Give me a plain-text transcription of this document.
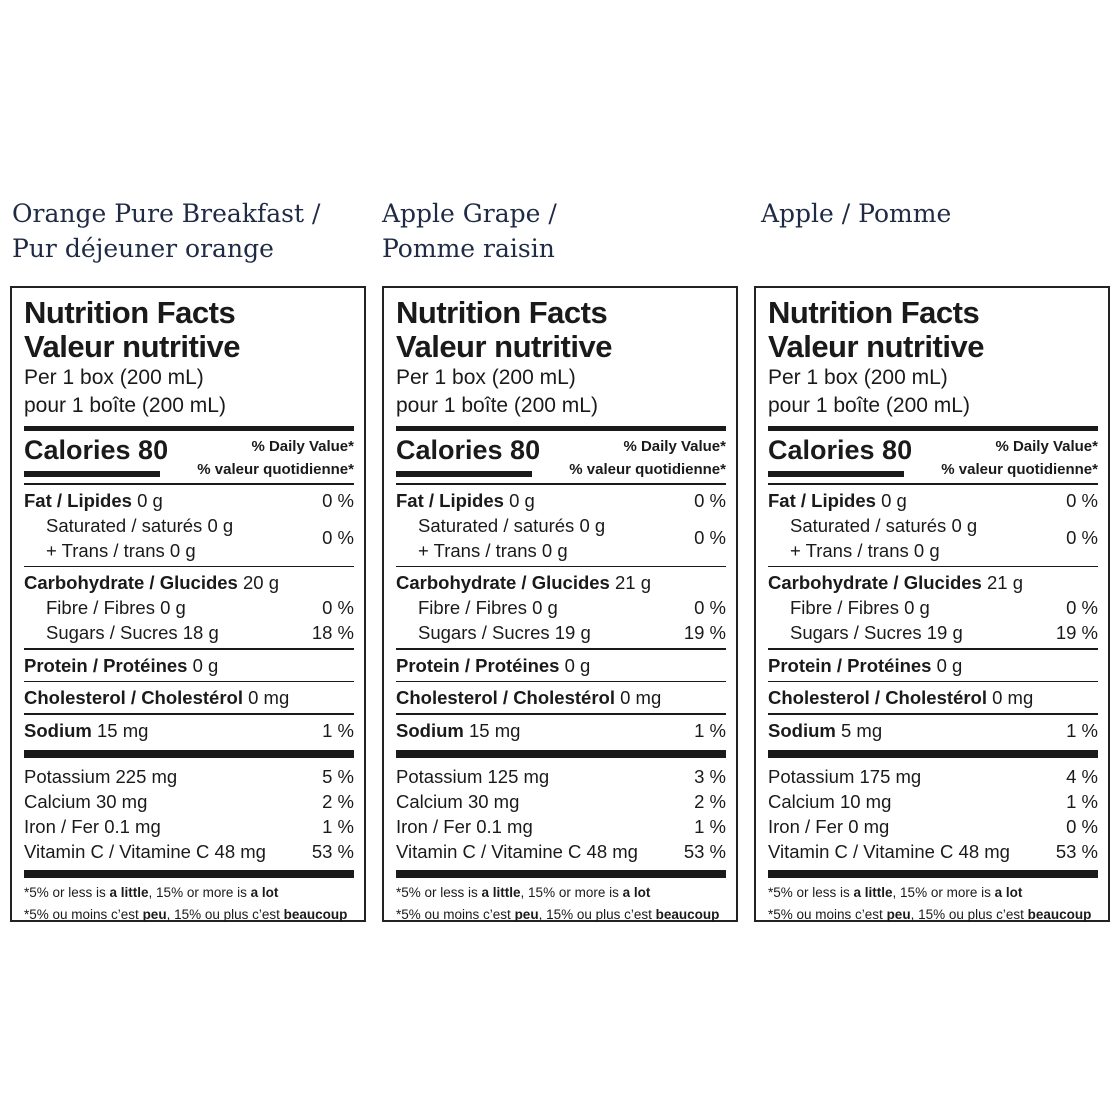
Orange Pure Breakfast /
Pur déjeuner orange
Apple Grape /
Pomme raisin
Apple / Pomme
Nutrition Facts
Valeur nutritive
Per 1 box (200 mL)
pour 1 boîte (200 mL)
Calories 80	% Daily Value*
% valeur quotidienne*
Fat / Lipides 0 g	0 %
Saturated / saturés 0 g
+ Trans / trans 0 g
0 %
Carbohydrate / Glucides 20 g
Fibre / Fibres 0 g	0 %
Sugars / Sucres 18 g	18 %
Protein / Protéines 0 g
Cholesterol / Cholestérol 0 mg
Sodium 15 mg	1 %
Potassium 225 mg	5 %
Calcium 30 mg	2 %
Iron / Fer 0.1 mg	1 %
Vitamin C / Vitamine C 48 mg 53 %
*5% or less is a little, 15% or more is a lot
*5% ou moins c’est peu, 15% ou plus c’est beaucoup
Nutrition Facts
Valeur nutritive
Per 1 box (200 mL)
pour 1 boîte (200 mL)
Calories 80	% Daily Value*
% valeur quotidienne*
Fat / Lipides 0 g	0 %
Saturated / saturés 0 g
+ Trans / trans 0 g
0 %
Carbohydrate / Glucides 21 g
Fibre / Fibres 0 g	0 %
Sugars / Sucres 19 g	19 %
Protein / Protéines 0 g
Cholesterol / Cholestérol 0 mg
Sodium 15 mg	1 %
Potassium 125 mg	3 %
Calcium 30 mg	2 %
Iron / Fer 0.1 mg	1 %
Vitamin C / Vitamine C 48 mg 53 %
*5% or less is a little, 15% or more is a lot
*5% ou moins c’est peu, 15% ou plus c’est beaucoup
Nutrition Facts
Valeur nutritive
Per 1 box (200 mL)
pour 1 boîte (200 mL)
Calories 80	% Daily Value*
% valeur quotidienne*
Fat / Lipides 0 g	0 %
Saturated / saturés 0 g
+ Trans / trans 0 g
0 %
Carbohydrate / Glucides 21 g
Fibre / Fibres 0 g	0 %
Sugars / Sucres 19 g	19 %
Protein / Protéines 0 g
Cholesterol / Cholestérol 0 mg
Sodium 5 mg	1 %
Potassium 175 mg	4 %
Calcium 10 mg	1 %
Iron / Fer 0 mg	0 %
Vitamin C / Vitamine C 48 mg 53 %
*5% or less is a little, 15% or more is a lot
*5% ou moins c’est peu, 15% ou plus c’est beaucoup
